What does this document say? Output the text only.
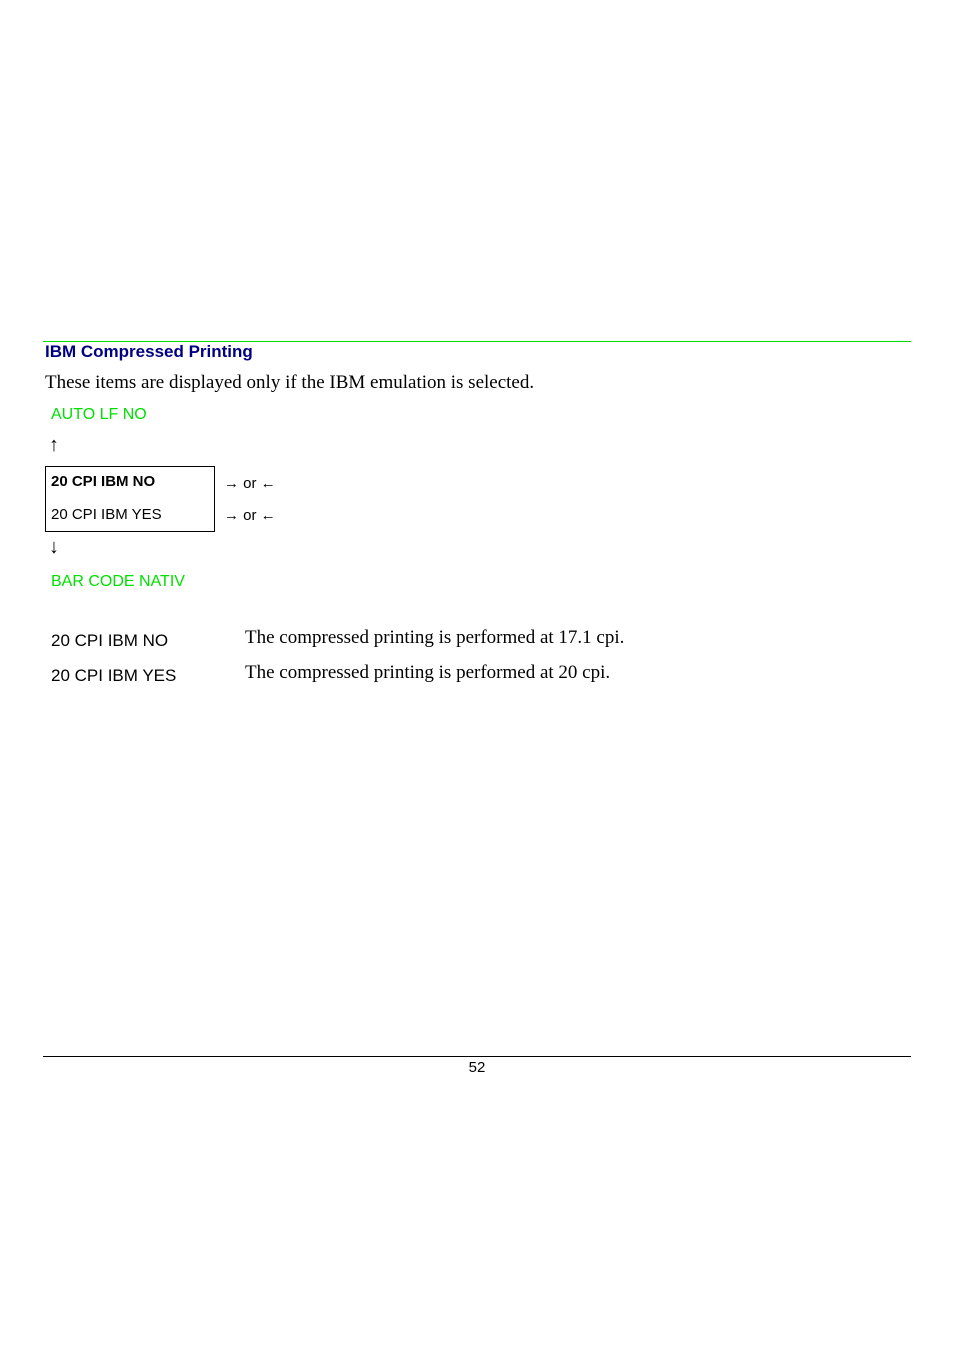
IBM Compressed Printing
These items are displayed only if the IBM emulation is selected.
AUTO LF NO
↑
20 CPI IBM NO
20 CPI IBM YES
→ or ←
→ or ←
↓
BAR CODE NATIV
20 CPI IBM NO	The compressed printing is performed at 17.1 cpi.
20 CPI IBM YES	The compressed printing is performed at 20 cpi.
52
